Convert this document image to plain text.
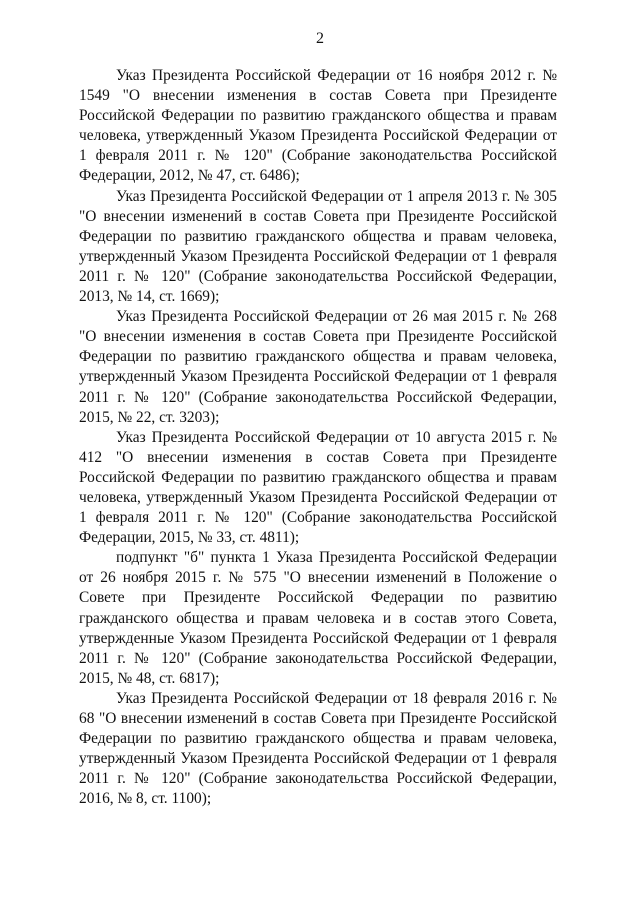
2

Указ Президента Российской Федерации от 16 ноября 2012 г. № 1549 "О внесении изменения в состав Совета при Президенте Российской Федерации по развитию гражданского общества и правам человека, утвержденный Указом Президента Российской Федерации от 1 февраля 2011 г. № 120" (Собрание законодательства Российской Федерации, 2012, № 47, ст. 6486);

Указ Президента Российской Федерации от 1 апреля 2013 г. № 305 "О внесении изменений в состав Совета при Президенте Российской Федерации по развитию гражданского общества и правам человека, утвержденный Указом Президента Российской Федерации от 1 февраля 2011 г. № 120" (Собрание законодательства Российской Федерации, 2013, № 14, ст. 1669);

Указ Президента Российской Федерации от 26 мая 2015 г. № 268 "О внесении изменения в состав Совета при Президенте Российской Федерации по развитию гражданского общества и правам человека, утвержденный Указом Президента Российской Федерации от 1 февраля 2011 г. № 120" (Собрание законодательства Российской Федерации, 2015, № 22, ст. 3203);

Указ Президента Российской Федерации от 10 августа 2015 г. № 412 "О внесении изменения в состав Совета при Президенте Российской Федерации по развитию гражданского общества и правам человека, утвержденный Указом Президента Российской Федерации от 1 февраля 2011 г. № 120" (Собрание законодательства Российской Федерации, 2015, № 33, ст. 4811);

подпункт "б" пункта 1 Указа Президента Российской Федерации от 26 ноября 2015 г. № 575 "О внесении изменений в Положение о Совете при Президенте Российской Федерации по развитию гражданского общества и правам человека и в состав этого Совета, утвержденные Указом Президента Российской Федерации от 1 февраля 2011 г. № 120" (Собрание законодательства Российской Федерации, 2015, № 48, ст. 6817);

Указ Президента Российской Федерации от 18 февраля 2016 г. № 68 "О внесении изменений в состав Совета при Президенте Российской Федерации по развитию гражданского общества и правам человека, утвержденный Указом Президента Российской Федерации от 1 февраля 2011 г. № 120" (Собрание законодательства Российской Федерации, 2016, № 8, ст. 1100);
